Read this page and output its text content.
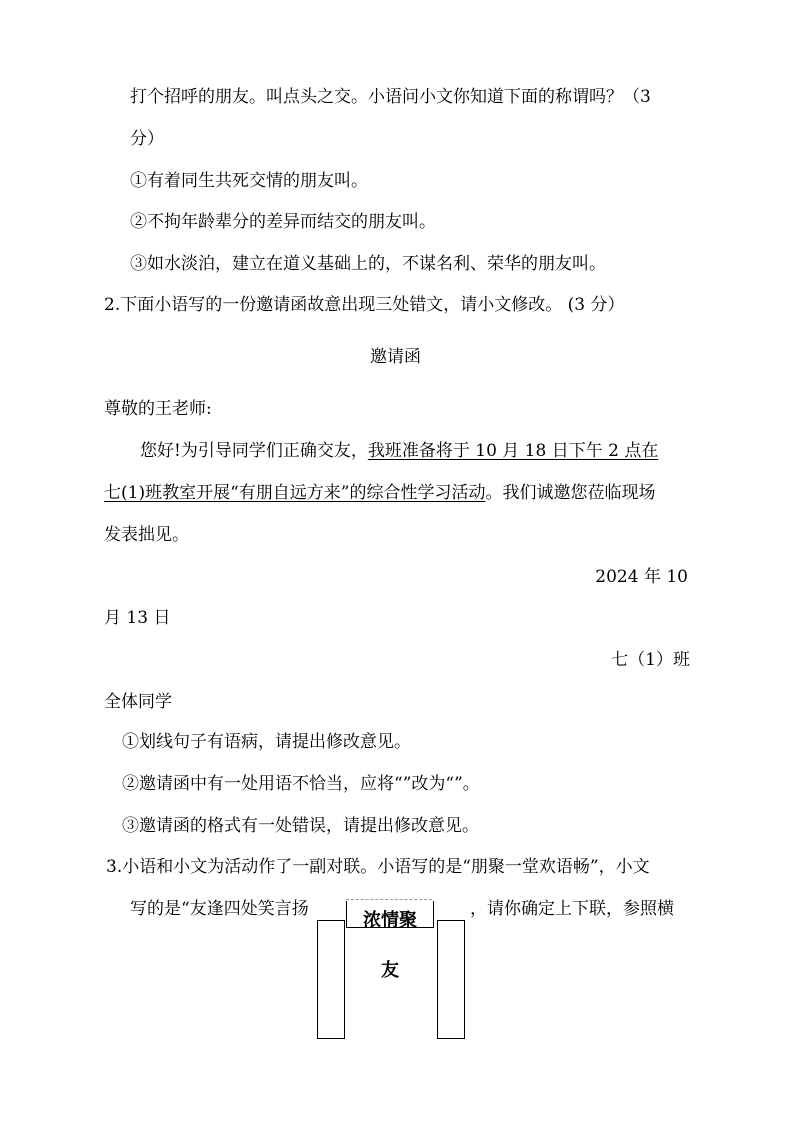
打个招呼的朋友。叫点头之交。小语问小文你知道下面的称谓吗？（3
分）
①有着同生共死交情的朋友叫。
②不拘年龄辈分的差异而结交的朋友叫。
③如水淡泊，建立在道义基础上的，不谋名利、荣华的朋友叫。
2.下面小语写的一份邀请函故意出现三处错文，请小文修改。 (3 分）
邀请函
尊敬的王老师:
您好!为引导同学们正确交友，我班准备将于 10 月 18 日下午 2 点在
七(1)班教室开展“有朋自远方来”的综合性学习活动。我们诚邀您莅临现场
发表拙见。
2024 年 10
月 13 日
七（1）班
全体同学
①划线句子有语病，请提出修改意见。
②邀请函中有一处用语不恰当，应将“”改为“”。
③邀请函的格式有一处错误，请提出修改意见。
3.小语和小文为活动作了一副对联。小语写的是“朋聚一堂欢语畅”，小文
写的是“友逢四处笑言扬	，请你确定上下联，参照横
浓情聚
友
